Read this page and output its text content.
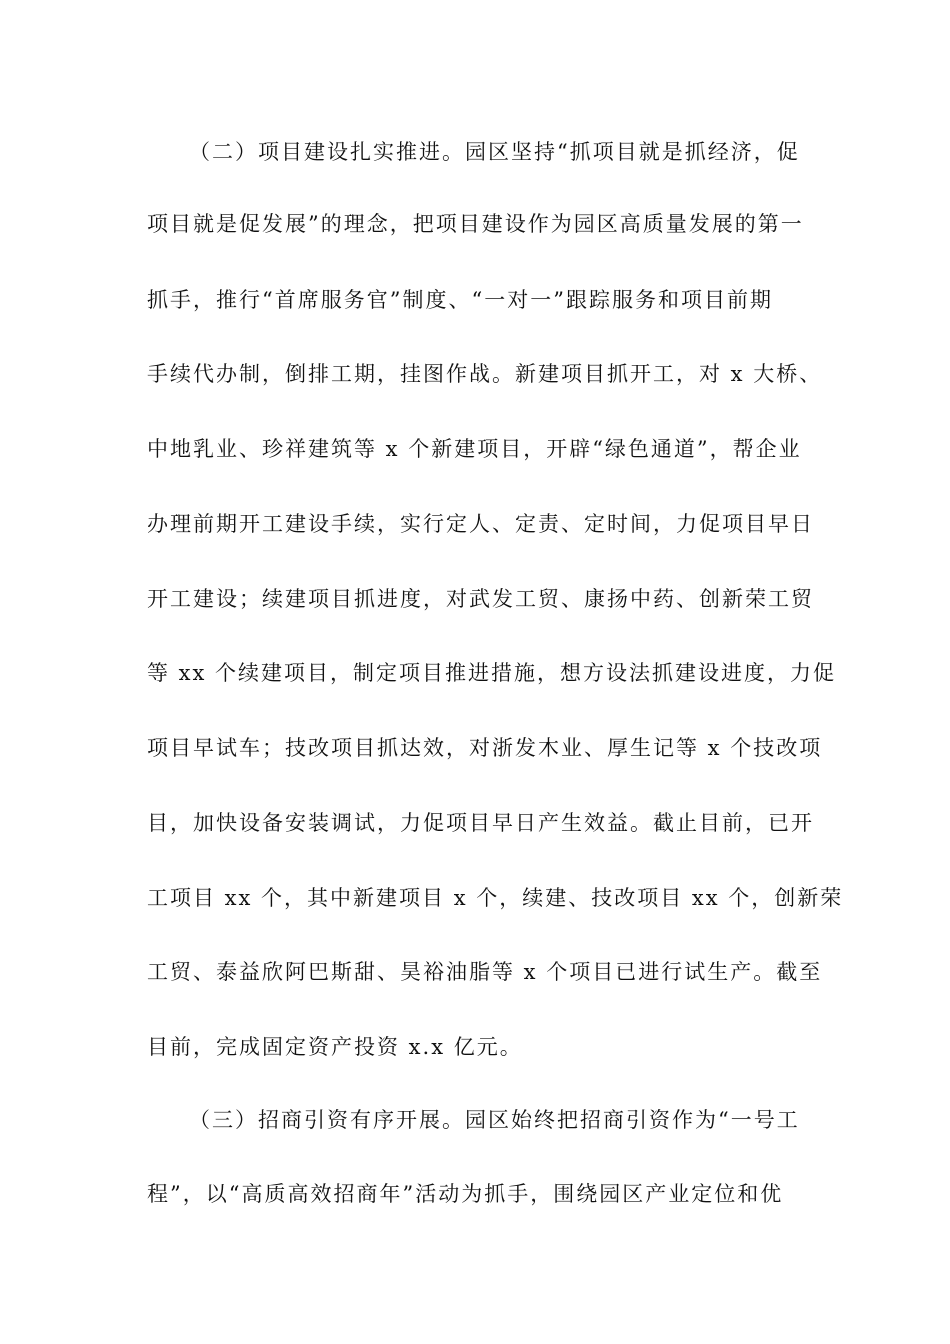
（二）项目建设扎实推进。园区坚持“抓项目就是抓经济，促
项目就是促发展”的理念，把项目建设作为园区高质量发展的第一
抓手，推行“首席服务官”制度、“一对一”跟踪服务和项目前期
手续代办制，倒排工期，挂图作战。新建项目抓开工，对 x 大桥、
中地乳业、珍祥建筑等 x 个新建项目，开辟“绿色通道”，帮企业
办理前期开工建设手续，实行定人、定责、定时间，力促项目早日
开工建设；续建项目抓进度，对武发工贸、康扬中药、创新荣工贸
等 xx 个续建项目，制定项目推进措施，想方设法抓建设进度，力促
项目早试车；技改项目抓达效，对浙发木业、厚生记等 x 个技改项
目，加快设备安装调试，力促项目早日产生效益。截止目前，已开
工项目 xx 个，其中新建项目 x 个，续建、技改项目 xx 个，创新荣
工贸、泰益欣阿巴斯甜、昊裕油脂等 x 个项目已进行试生产。截至
目前，完成固定资产投资 x.x 亿元。
（三）招商引资有序开展。园区始终把招商引资作为“一号工
程”，以“高质高效招商年”活动为抓手，围绕园区产业定位和优
